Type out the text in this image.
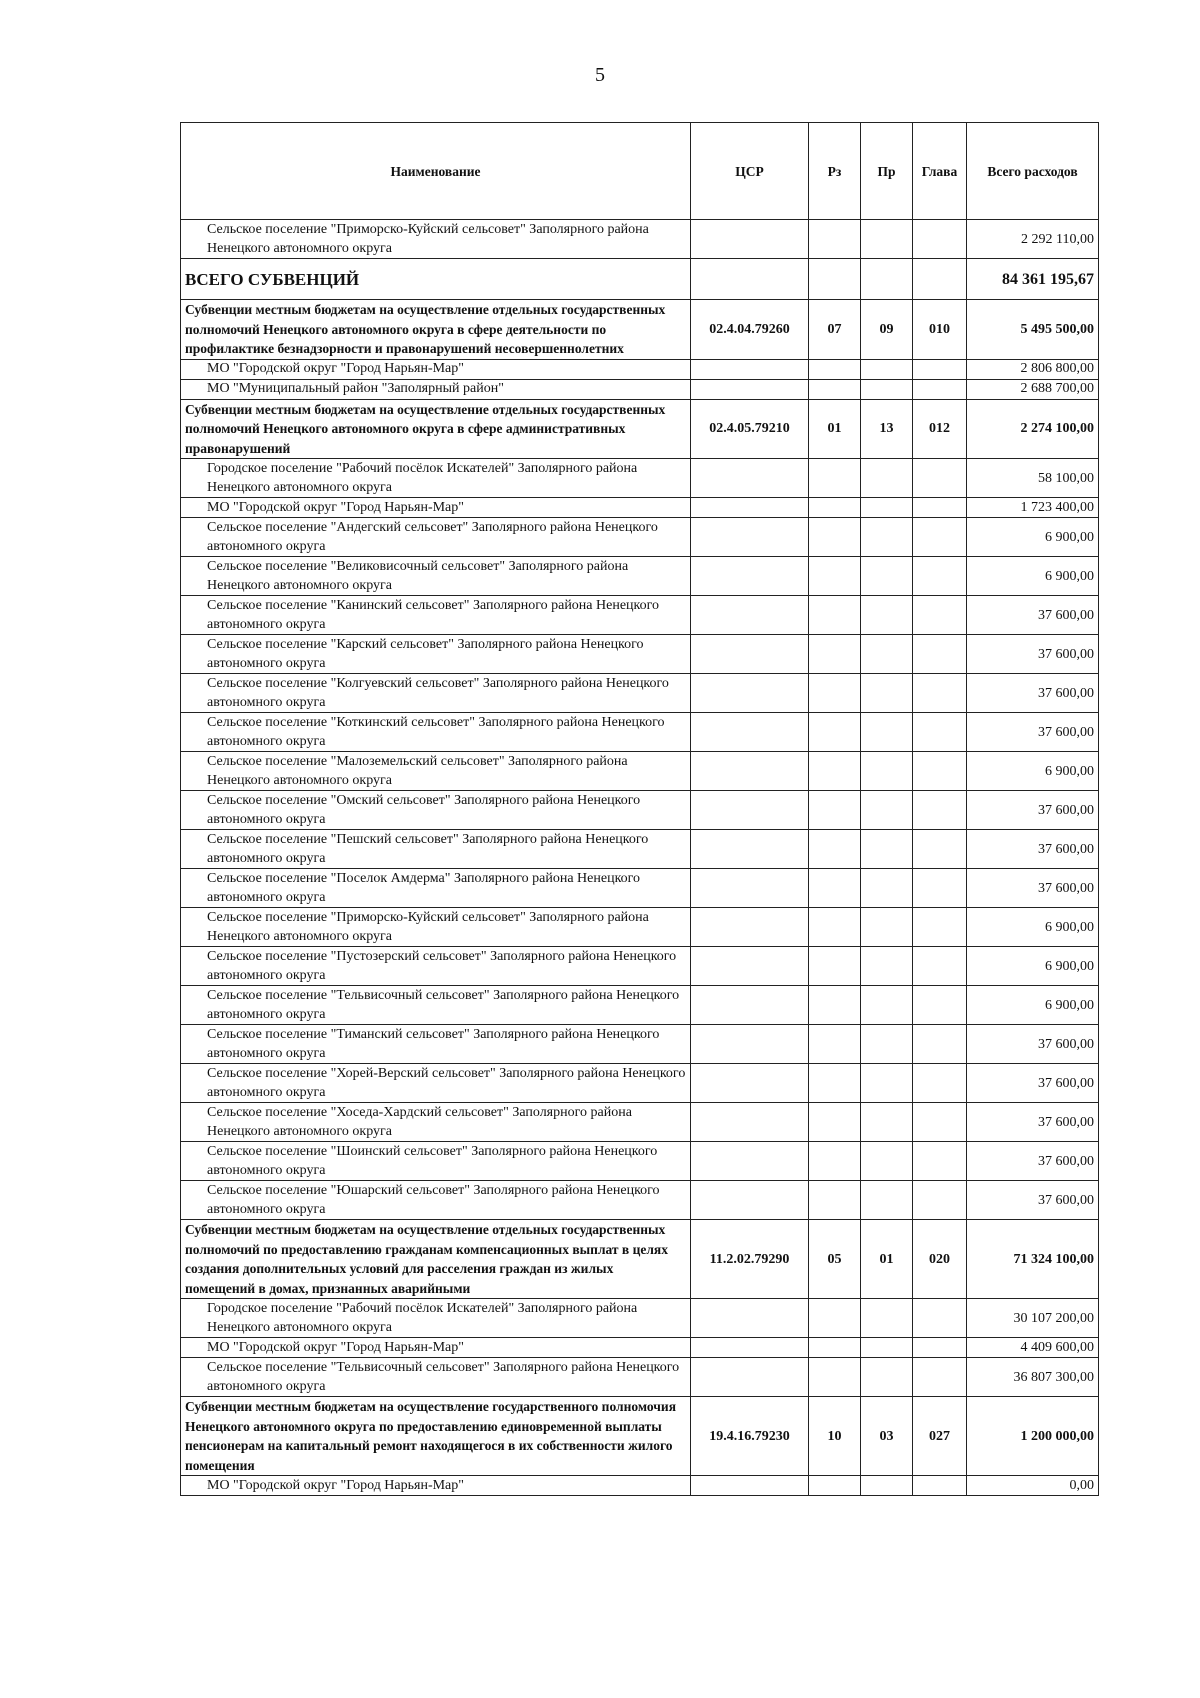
5
Наименование	ЦСР	Рз	Пр	Глава	Всего расходов

Сельское поселение "Приморско-Куйский сельсовет" Заполярного района Ненецкого автономного округа					2 292 110,00
ВСЕГО СУБВЕНЦИЙ					84 361 195,67
Субвенции местным бюджетам на осуществление отдельных государственных полномочий Ненецкого автономного округа в сфере деятельности по профилактике безнадзорности и правонарушений несовершеннолетних	02.4.04.79260	07	09	010	5 495 500,00

МО "Городской округ "Город Нарьян-Мар"					2 806 800,00

МО "Муниципальный район "Заполярный район"					2 688 700,00
Субвенции местным бюджетам на осуществление отдельных государственных полномочий Ненецкого автономного округа в сфере административных правонарушений	02.4.05.79210	01	13	012	2 274 100,00

Городское поселение "Рабочий посёлок Искателей" Заполярного района Ненецкого автономного округа					58 100,00

МО "Городской округ "Город Нарьян-Мар"					1 723 400,00

Сельское поселение "Андегский сельсовет" Заполярного района Ненецкого автономного округа					6 900,00

Сельское поселение "Великовисочный сельсовет" Заполярного района Ненецкого автономного округа					6 900,00

Сельское поселение "Канинский сельсовет" Заполярного района Ненецкого автономного округа					37 600,00

Сельское поселение "Карский сельсовет" Заполярного района Ненецкого автономного округа					37 600,00

Сельское поселение "Колгуевский сельсовет" Заполярного района Ненецкого автономного округа					37 600,00

Сельское поселение "Коткинский сельсовет" Заполярного района Ненецкого автономного округа					37 600,00

Сельское поселение "Малоземельский сельсовет" Заполярного района Ненецкого автономного округа					6 900,00

Сельское поселение "Омский сельсовет" Заполярного района Ненецкого автономного округа					37 600,00

Сельское поселение "Пешский сельсовет" Заполярного района Ненецкого автономного округа					37 600,00

Сельское поселение "Поселок Амдерма" Заполярного района Ненецкого автономного округа					37 600,00

Сельское поселение "Приморско-Куйский сельсовет" Заполярного района Ненецкого автономного округа					6 900,00

Сельское поселение "Пустозерский сельсовет" Заполярного района Ненецкого автономного округа					6 900,00

Сельское поселение "Тельвисочный сельсовет" Заполярного района Ненецкого автономного округа					6 900,00

Сельское поселение "Тиманский сельсовет" Заполярного района Ненецкого автономного округа					37 600,00

Сельское поселение "Хорей-Верский сельсовет" Заполярного района Ненецкого автономного округа					37 600,00

Сельское поселение "Хоседа-Хардский сельсовет" Заполярного района Ненецкого автономного округа					37 600,00

Сельское поселение "Шоинский сельсовет" Заполярного района Ненецкого автономного округа					37 600,00

Сельское поселение "Юшарский сельсовет" Заполярного района Ненецкого автономного округа					37 600,00
Субвенции местным бюджетам на осуществление отдельных государственных полномочий по предоставлению гражданам компенсационных выплат в целях создания дополнительных условий для расселения граждан из жилых помещений в домах, признанных аварийными	11.2.02.79290	05	01	020	71 324 100,00

Городское поселение "Рабочий посёлок Искателей" Заполярного района Ненецкого автономного округа					30 107 200,00

МО "Городской округ "Город Нарьян-Мар"					4 409 600,00

Сельское поселение "Тельвисочный сельсовет" Заполярного района Ненецкого автономного округа					36 807 300,00
Субвенции местным бюджетам на осуществление государственного полномочия Ненецкого автономного округа по предоставлению единовременной выплаты пенсионерам на капитальный ремонт находящегося в их собственности жилого помещения	19.4.16.79230	10	03	027	1 200 000,00

МО "Городской округ "Город Нарьян-Мар"					0,00
